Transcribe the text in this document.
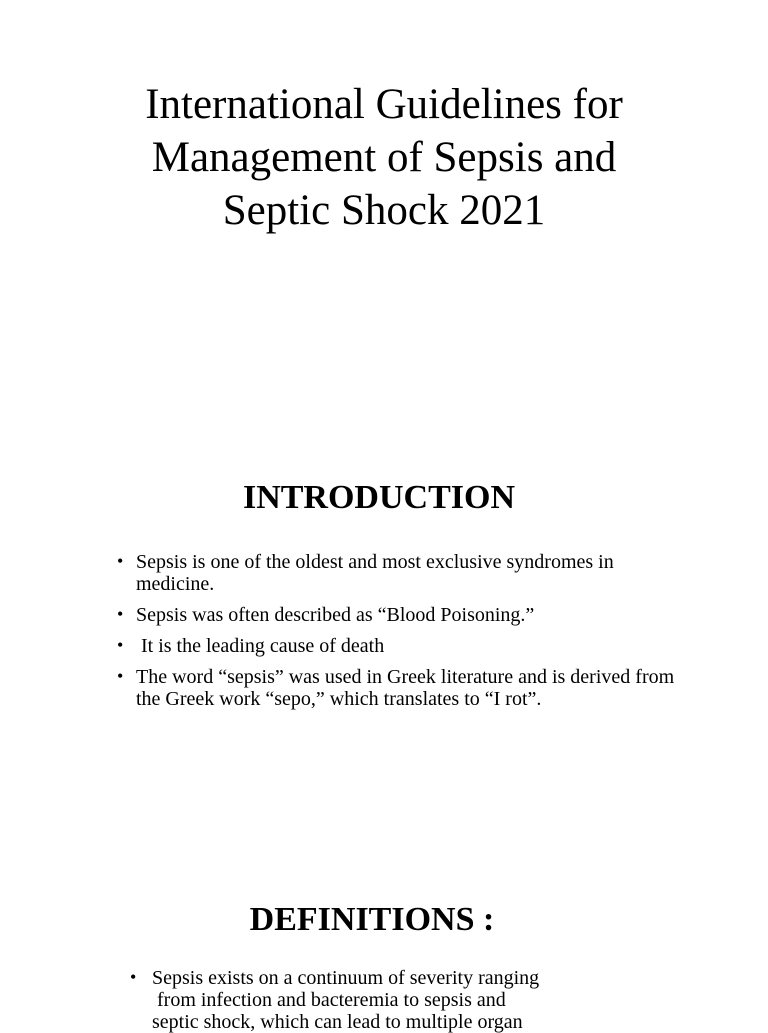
International Guidelines for
Management of Sepsis and
Septic Shock 2021
INTRODUCTION
• Sepsis is one of the oldest and most exclusive syndromes in medicine.
• Sepsis was often described as “Blood Poisoning.”
• It is the leading cause of death
• The word “sepsis” was used in Greek literature and is derived from the Greek work “sepo,” which translates to “I rot”.
DEFINITIONS :
• Sepsis exists on a continuum of severity ranging
from infection and bacteremia to sepsis and
septic shock, which can lead to multiple organ
